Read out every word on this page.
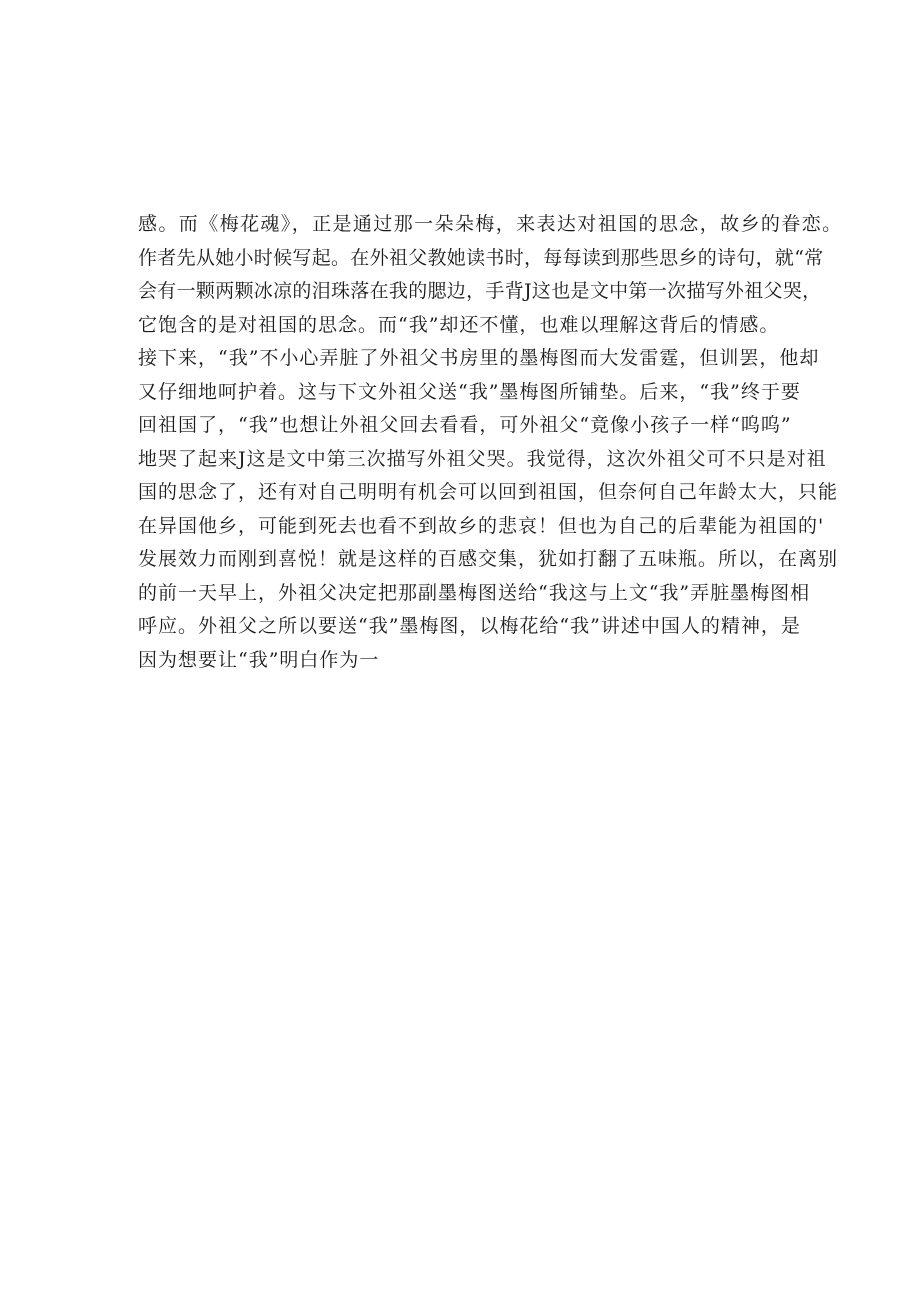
感。而《梅花魂》，正是通过那一朵朵梅，来表达对祖国的思念，故乡的眷恋。
作者先从她小时候写起。在外祖父教她读书时，每每读到那些思乡的诗句，就“常
会有一颗两颗冰凉的泪珠落在我的腮边，手背J这也是文中第一次描写外祖父哭，
它饱含的是对祖国的思念。而“我”却还不懂，也难以理解这背后的情感。
接下来，“我”不小心弄脏了外祖父书房里的墨梅图而大发雷霆，但训罢，他却
又仔细地呵护着。这与下文外祖父送“我”墨梅图所铺垫。后来，“我”终于要
回祖国了，“我”也想让外祖父回去看看，可外祖父“竟像小孩子一样“呜呜”
地哭了起来J这是文中第三次描写外祖父哭。我觉得，这次外祖父可不只是对祖
国的思念了，还有对自己明明有机会可以回到祖国，但奈何自己年龄太大，只能
在异国他乡，可能到死去也看不到故乡的悲哀！但也为自己的后辈能为祖国的'
发展效力而刚到喜悦！就是这样的百感交集，犹如打翻了五味瓶。所以，在离别
的前一天早上，外祖父决定把那副墨梅图送给“我这与上文“我”弄脏墨梅图相
呼应。外祖父之所以要送“我”墨梅图，以梅花给“我”讲述中国人的精神，是
因为想要让“我”明白作为一
